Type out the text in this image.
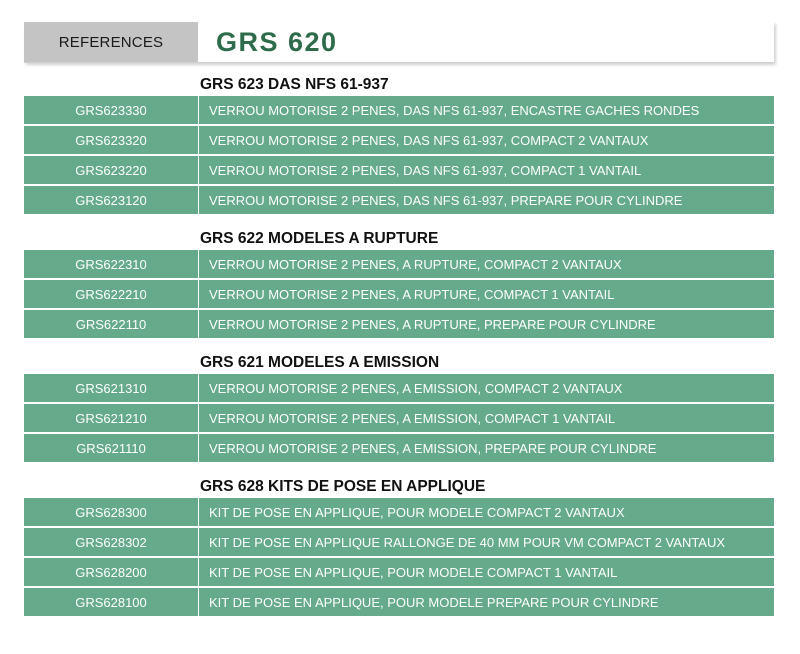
REFERENCES	GRS 620
GRS 623 DAS NFS 61-937
GRS623330	VERROU MOTORISE 2 PENES, DAS NFS 61-937, ENCASTRE GACHES RONDES
GRS623320	VERROU MOTORISE 2 PENES, DAS NFS 61-937, COMPACT 2 VANTAUX
GRS623220	VERROU MOTORISE 2 PENES, DAS NFS 61-937, COMPACT 1 VANTAIL
GRS623120	VERROU MOTORISE 2 PENES, DAS NFS 61-937, PREPARE POUR CYLINDRE
GRS 622 MODELES A RUPTURE
GRS622310	VERROU MOTORISE 2 PENES, A RUPTURE, COMPACT 2 VANTAUX
GRS622210	VERROU MOTORISE 2 PENES, A RUPTURE, COMPACT 1 VANTAIL
GRS622110	VERROU MOTORISE 2 PENES, A RUPTURE, PREPARE POUR CYLINDRE
GRS 621 MODELES A EMISSION
GRS621310	VERROU MOTORISE 2 PENES, A EMISSION, COMPACT 2 VANTAUX
GRS621210	VERROU MOTORISE 2 PENES, A EMISSION, COMPACT 1 VANTAIL
GRS621110	VERROU MOTORISE 2 PENES, A EMISSION, PREPARE POUR CYLINDRE
GRS 628 KITS DE POSE EN APPLIQUE
GRS628300	KIT DE POSE EN APPLIQUE, POUR MODELE COMPACT 2 VANTAUX
GRS628302	KIT DE POSE EN APPLIQUE RALLONGE DE 40 MM POUR VM COMPACT 2 VANTAUX
GRS628200	KIT DE POSE EN APPLIQUE, POUR MODELE COMPACT 1 VANTAIL
GRS628100	KIT DE POSE EN APPLIQUE, POUR MODELE PREPARE POUR CYLINDRE
